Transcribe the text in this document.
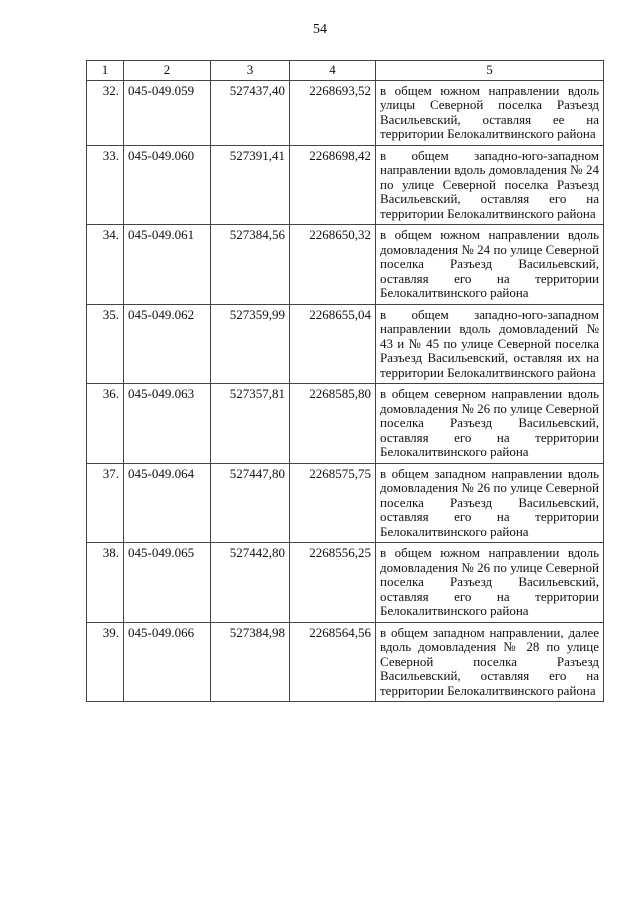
54
1	2	3	4	5
32.	045-049.059	527437,40	2268693,52	в общем южном направлении вдоль улицы Северной поселка Разъезд Васильевский, оставляя ее на территории Белокалитвинского района
33.	045-049.060	527391,41	2268698,42	в общем западно-юго-западном направлении вдоль домовладения № 24 по улице Северной поселка Разъезд Васильевский, оставляя его на территории Белокалитвинского района
34.	045-049.061	527384,56	2268650,32	в общем южном направлении вдоль домовладения № 24 по улице Северной поселка Разъезд Васильевский, оставляя его на территории Белокалитвинского района
35.	045-049.062	527359,99	2268655,04	в общем западно-юго-западном направлении вдоль домовладений № 43 и № 45 по улице Северной поселка Разъезд Васильевский, оставляя их на территории Белокалитвинского района
36.	045-049.063	527357,81	2268585,80	в общем северном направлении вдоль домовладения № 26 по улице Северной поселка Разъезд Васильевский, оставляя его на территории Белокалитвинского района
37.	045-049.064	527447,80	2268575,75	в общем западном направлении вдоль домовладения № 26 по улице Северной поселка Разъезд Васильевский, оставляя его на территории Белокалитвинского района
38.	045-049.065	527442,80	2268556,25	в общем южном направлении вдоль домовладения № 26 по улице Северной поселка Разъезд Васильевский, оставляя его на территории Белокалитвинского района
39.	045-049.066	527384,98	2268564,56	в общем западном направлении, далее вдоль домовладения № 28 по улице Северной поселка Разъезд Васильевский, оставляя его на территории Белокалитвинского района
